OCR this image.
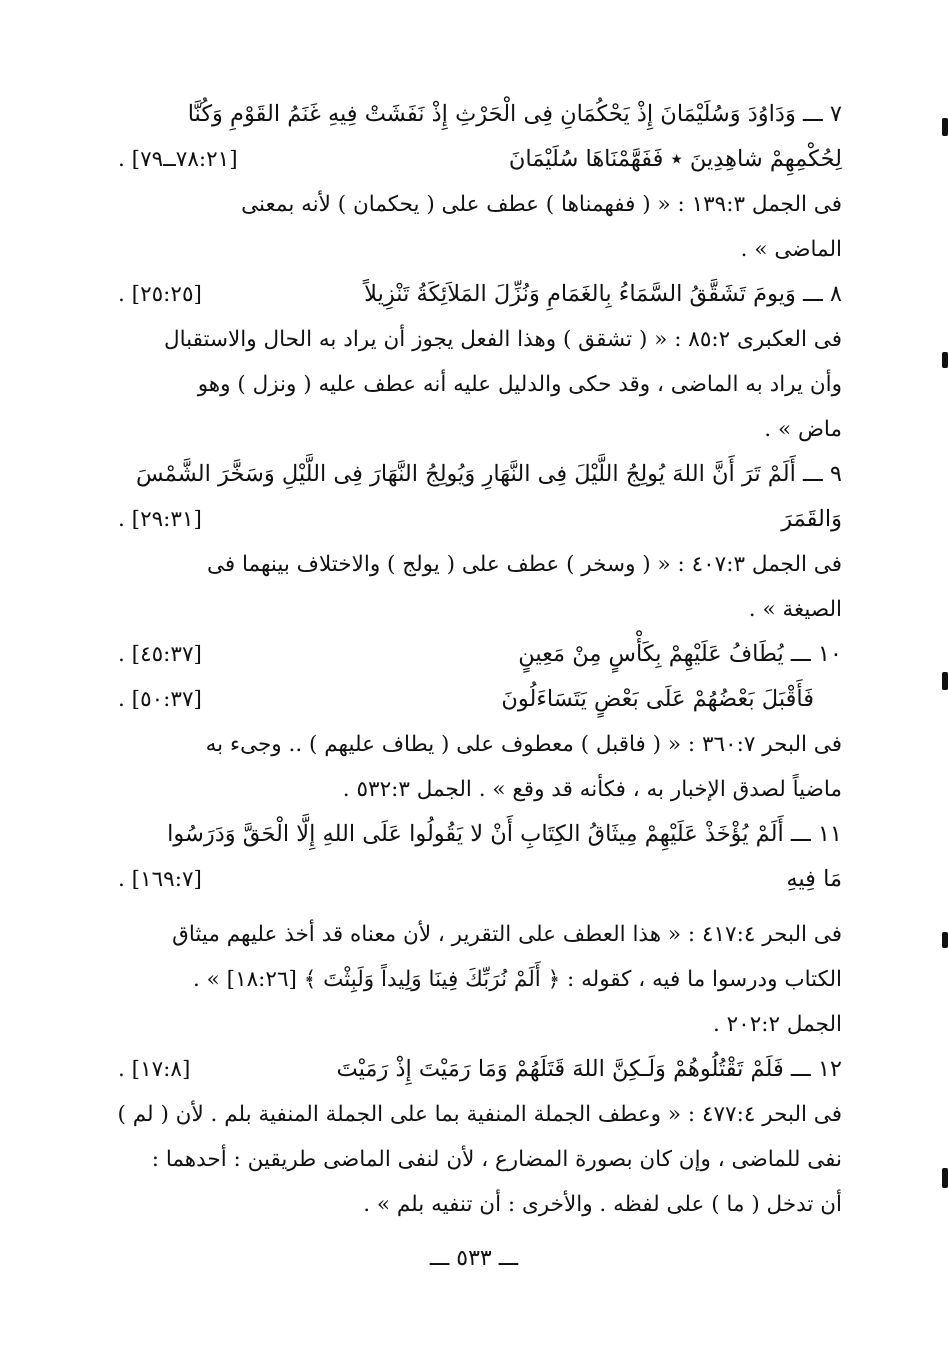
٧ ـــ وَدَاوُدَ وَسُلَيْمَانَ إِذْ يَحْكُمَانِ فِى الْحَرْثِ إِذْ نَفَشَتْ فِيهِ غَنَمُ القَوْمِ وَكُنَّا
لِحُكْمِهِمْ شاهِدِينَ ٭ فَفَهَّمْنَاهَا سُلَيْمَانَ
[٧٨:٢١ــ٧٩] .
فى الجمل ١٣٩:٣ : « ( ففهمناها ) عطف على ( يحكمان ) لأنه بمعنى
الماضى » .
٨ ـــ وَيومَ تَشَقَّقُ السَّمَاءُ بِالغَمَامِ وَنُزِّلَ المَلاَئِكَةُ تَنْزِيلاً
[٢٥:٢٥] .
فى العكبرى ٨٥:٢ : « ( تشقق ) وهذا الفعل يجوز أن يراد به الحال والاستقبال
وأن يراد به الماضى ، وقد حكى والدليل عليه أنه عطف عليه ( ونزل ) وهو
ماض » .
٩ ـــ أَلَمْ تَرَ أَنَّ اللهَ يُولِجُ اللَّيْلَ فِى النَّهَارِ وَيُولِجُ النَّهَارَ فِى اللَّيْلِ وَسَخَّرَ الشَّمْسَ
وَالقَمَرَ
[٢٩:٣١] .
فى الجمل ٤٠٧:٣ : « ( وسخر ) عطف على ( يولج ) والاختلاف بينهما فى
الصيغة » .
١٠ ـــ يُطَافُ عَلَيْهِمْ بِكَأْسٍ مِنْ مَعِينٍ
[٤٥:٣٧] .
فَأَقْبَلَ بَعْضُهُمْ عَلَى بَعْضٍ يَتَسَاءَلُونَ
[٥٠:٣٧] .
فى البحر ٣٦٠:٧ : « ( فاقبل ) معطوف على ( يطاف عليهم ) .. وجىء به
ماضياً لصدق الإخبار به ، فكأنه قد وقع » . الجمل ٥٣٢:٣ .
١١ ـــ أَلَمْ يُؤْخَذْ عَلَيْهِمْ مِيثَاقُ الكِتَابِ أَنْ لا يَقُولُوا عَلَى اللهِ إِلَّا الْحَقَّ وَدَرَسُوا
مَا فِيهِ
[١٦٩:٧] .
فى البحر ٤١٧:٤ : « هذا العطف على التقرير ، لأن معناه قد أخذ عليهم ميثاق
الكتاب ودرسوا ما فيه ، كقوله : ﴿ أَلَمْ نُرَبِّكَ فِينَا وَلِيداً وَلَبِثْتَ ﴾ [١٨:٢٦] » .
الجمل ٢٠٢:٢ .
١٢ ـــ فَلَمْ تَقْتُلُوهُمْ وَلَـكِنَّ اللهَ قَتَلَهُمْ وَمَا رَمَيْتَ إِذْ رَمَيْتَ
[١٧:٨] .
فى البحر ٤٧٧:٤ : « وعطف الجملة المنفية بما على الجملة المنفية بلم . لأن ( لم )
نفى للماضى ، وإن كان بصورة المضارع ، لأن لنفى الماضى طريقين : أحدهما :
أن تدخل ( ما ) على لفظه . والأخرى : أن تنفيه بلم » .
ـــ ٥٣٣ ـــ
